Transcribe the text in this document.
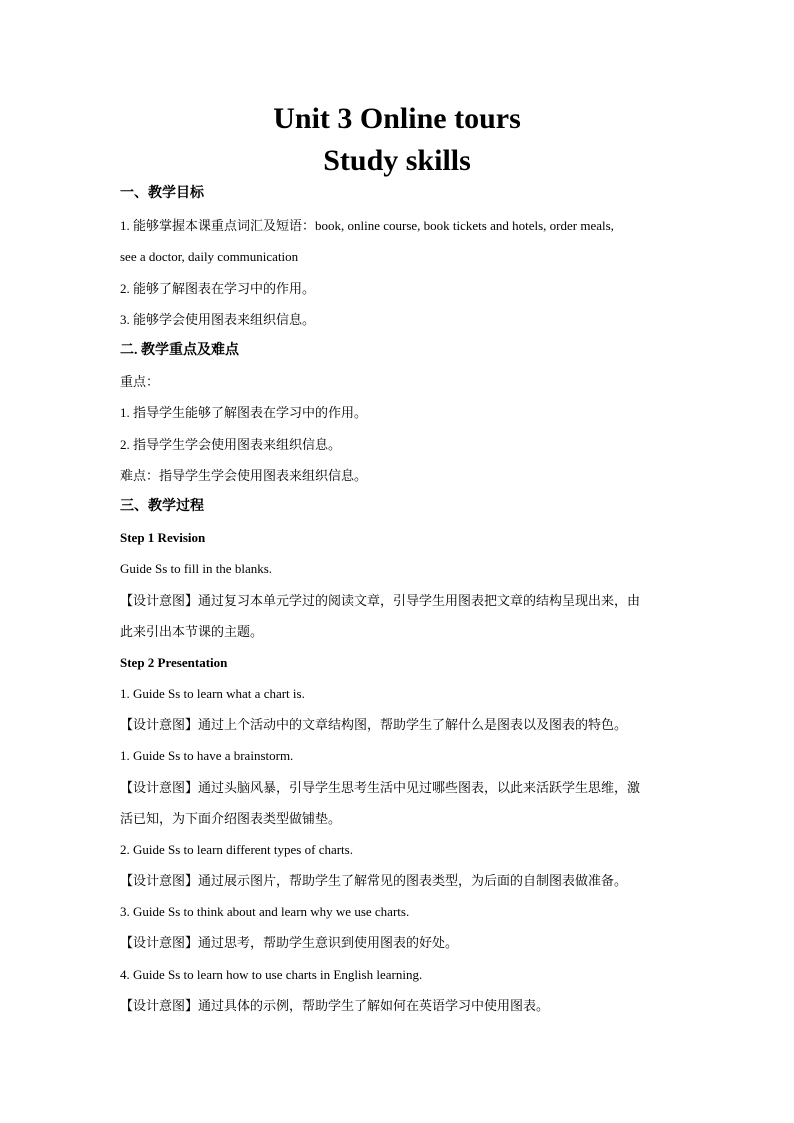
Unit 3 Online tours
Study skills
一、教学目标
1. 能够掌握本课重点词汇及短语：book, online course, book tickets and hotels, order meals,
see a doctor, daily communication
2. 能够了解图表在学习中的作用。
3. 能够学会使用图表来组织信息。
二. 教学重点及难点
重点：
1. 指导学生能够了解图表在学习中的作用。
2. 指导学生学会使用图表来组织信息。
难点：指导学生学会使用图表来组织信息。
三、教学过程
Step 1 Revision
Guide Ss to fill in the blanks.
【设计意图】通过复习本单元学过的阅读文章，引导学生用图表把文章的结构呈现出来，由
此来引出本节课的主题。
Step 2 Presentation
1. Guide Ss to learn what a chart is.
【设计意图】通过上个活动中的文章结构图，帮助学生了解什么是图表以及图表的特色。
1. Guide Ss to have a brainstorm.
【设计意图】通过头脑风暴，引导学生思考生活中见过哪些图表，以此来活跃学生思维，激
活已知，为下面介绍图表类型做铺垫。
2. Guide Ss to learn different types of charts.
【设计意图】通过展示图片，帮助学生了解常见的图表类型，为后面的自制图表做准备。
3. Guide Ss to think about and learn why we use charts.
【设计意图】通过思考，帮助学生意识到使用图表的好处。
4. Guide Ss to learn how to use charts in English learning.
【设计意图】通过具体的示例，帮助学生了解如何在英语学习中使用图表。
